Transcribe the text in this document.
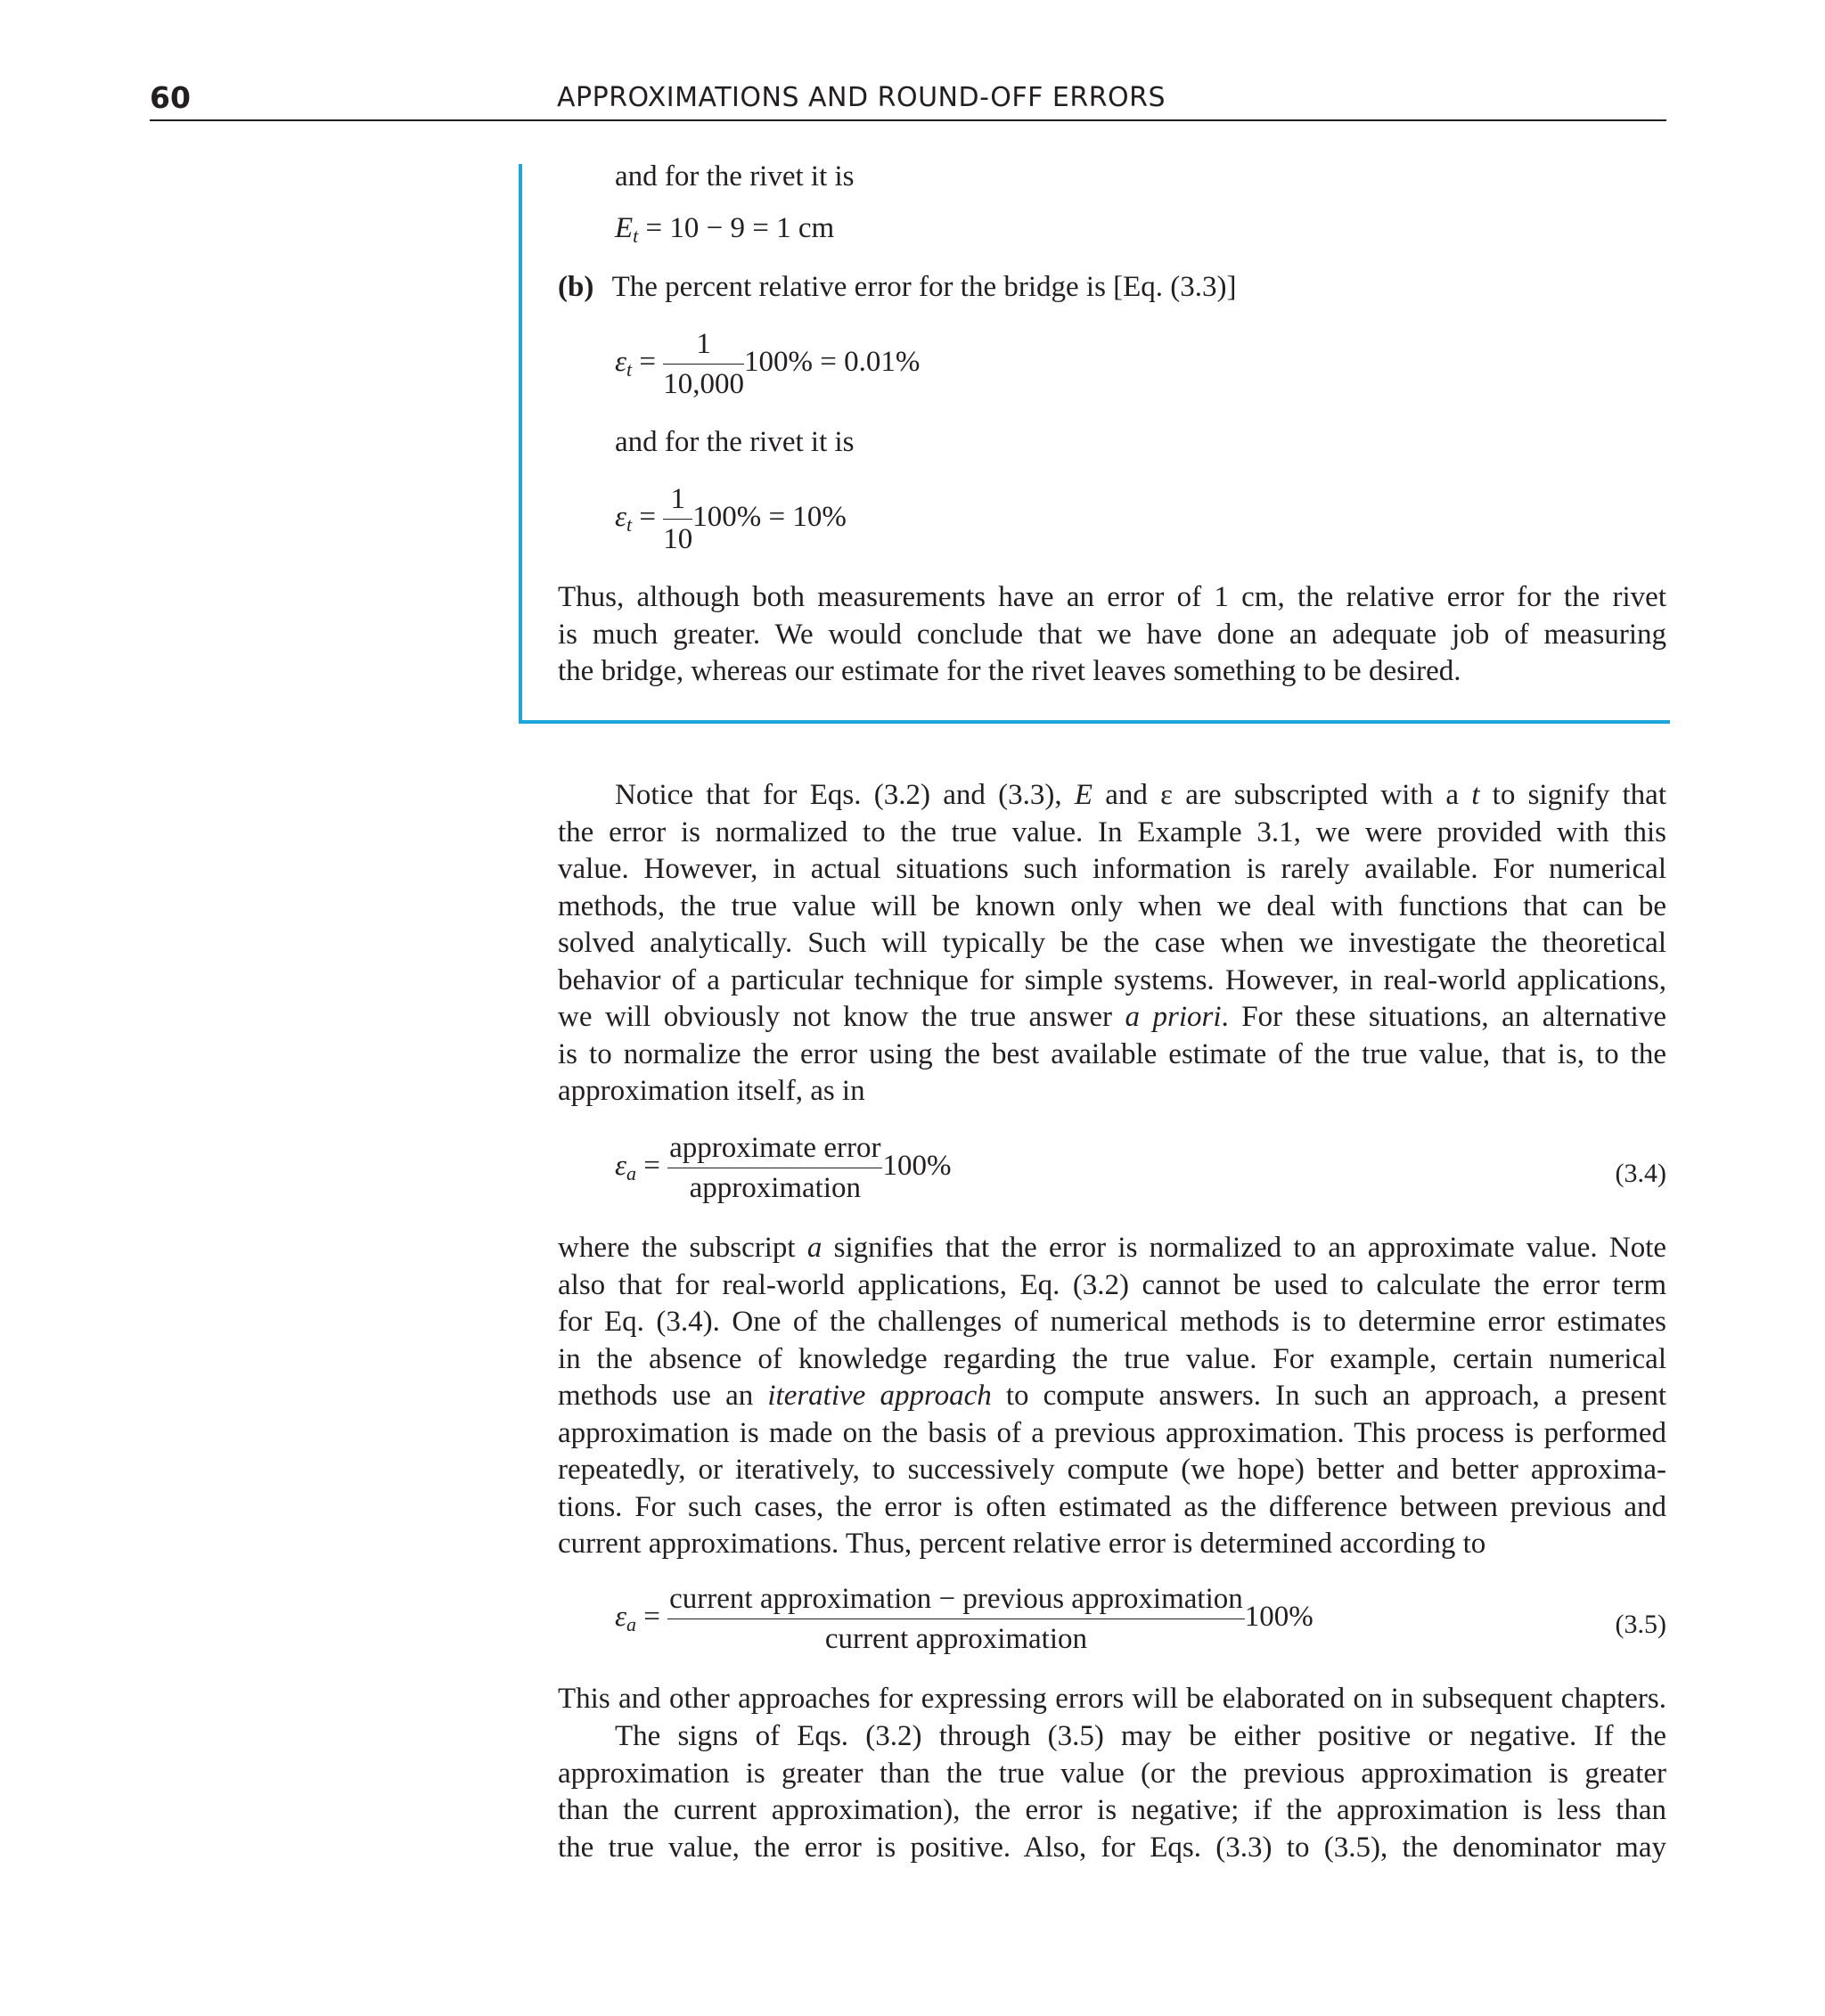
60	APPROXIMATIONS AND ROUND-OFF ERRORS
and for the rivet it is
$E_t = 10 - 9 = 1$ cm
(b) The percent relative error for the bridge is [Eq. (3.3)]
$\varepsilon_t = \frac{1}{10,000} 100\% = 0.01\%$
and for the rivet it is
$\varepsilon_t = \frac{1}{10} 100\% = 10\%$
Thus, although both measurements have an error of 1 cm, the relative error for the rivet
is much greater. We would conclude that we have done an adequate job of measuring
the bridge, whereas our estimate for the rivet leaves something to be desired.
Notice that for Eqs. (3.2) and (3.3), E and ε are subscripted with a t to signify that
the error is normalized to the true value. In Example 3.1, we were provided with this
value. However, in actual situations such information is rarely available. For numerical
methods, the true value will be known only when we deal with functions that can be
solved analytically. Such will typically be the case when we investigate the theoretical
behavior of a particular technique for simple systems. However, in real-world applications,
we will obviously not know the true answer a priori. For these situations, an alternative
is to normalize the error using the best available estimate of the true value, that is, to the
approximation itself, as in
$\varepsilon_a = \frac{\text{approximate error}}{\text{approximation}} 100\%$	(3.4)
where the subscript a signifies that the error is normalized to an approximate value. Note
also that for real-world applications, Eq. (3.2) cannot be used to calculate the error term
for Eq. (3.4). One of the challenges of numerical methods is to determine error estimates
in the absence of knowledge regarding the true value. For example, certain numerical
methods use an iterative approach to compute answers. In such an approach, a present
approximation is made on the basis of a previous approximation. This process is performed
repeatedly, or iteratively, to successively compute (we hope) better and better approxima-
tions. For such cases, the error is often estimated as the difference between previous and
current approximations. Thus, percent relative error is determined according to
$\varepsilon_a = \frac{\text{current approximation − previous approximation}}{\text{current approximation}} 100\%$	(3.5)
This and other approaches for expressing errors will be elaborated on in subsequent chapters.
The signs of Eqs. (3.2) through (3.5) may be either positive or negative. If the
approximation is greater than the true value (or the previous approximation is greater
than the current approximation), the error is negative; if the approximation is less than
the true value, the error is positive. Also, for Eqs. (3.3) to (3.5), the denominator may
